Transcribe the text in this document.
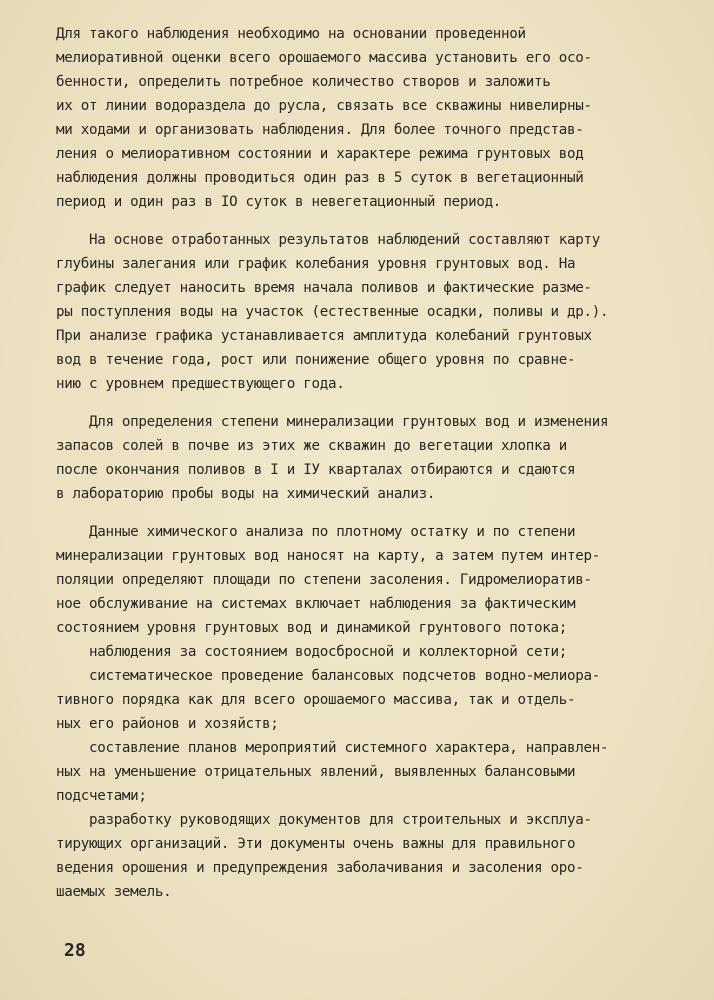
Для такого наблюдения необходимо на основании проведенной
мелиоративной оценки всего орошаемого массива установить его осо-
бенности, определить потребное количество створов и заложить
их от линии водораздела до русла, связать все скважины нивелирны-
ми ходами и организовать наблюдения. Для более точного представ-
ления о мелиоративном состоянии и характере режима грунтовых вод
наблюдения должны проводиться один раз в 5 суток в вегетационный
период и один раз в IO суток в невегетационный период.
На основе отработанных результатов наблюдений составляют карту
глубины залегания или график колебания уровня грунтовых вод. На
график следует наносить время начала поливов и фактические разме-
ры поступления воды на участок (естественные осадки, поливы и др.).
При анализе графика устанавливается амплитуда колебаний грунтовых
вод в течение года, рост или понижение общего уровня по сравне-
нию с уровнем предшествующего года.
Для определения степени минерализации грунтовых вод и изменения
запасов солей в почве из этих же скважин до вегетации хлопка и
после окончания поливов в I и IУ кварталах отбираются и сдаются
в лабораторию пробы воды на химический анализ.
Данные химического анализа по плотному остатку и по степени
минерализации грунтовых вод наносят на карту, а затем путем интер-
поляции определяют площади по степени засоления. Гидромелиоратив-
ное обслуживание на системах включает наблюдения за фактическим
состоянием уровня грунтовых вод и динамикой грунтового потока;
наблюдения за состоянием водосбросной и коллекторной сети;
систематическое проведение балансовых подсчетов водно-мелиора-
тивного порядка как для всего орошаемого массива, так и отдель-
ных его районов и хозяйств;
составление планов мероприятий системного характера, направлен-
ных на уменьшение отрицательных явлений, выявленных балансовыми
подсчетами;
разработку руководящих документов для строительных и эксплуа-
тирующих организаций. Эти документы очень важны для правильного
ведения орошения и предупреждения заболачивания и засоления оро-
шаемых земель.
28
